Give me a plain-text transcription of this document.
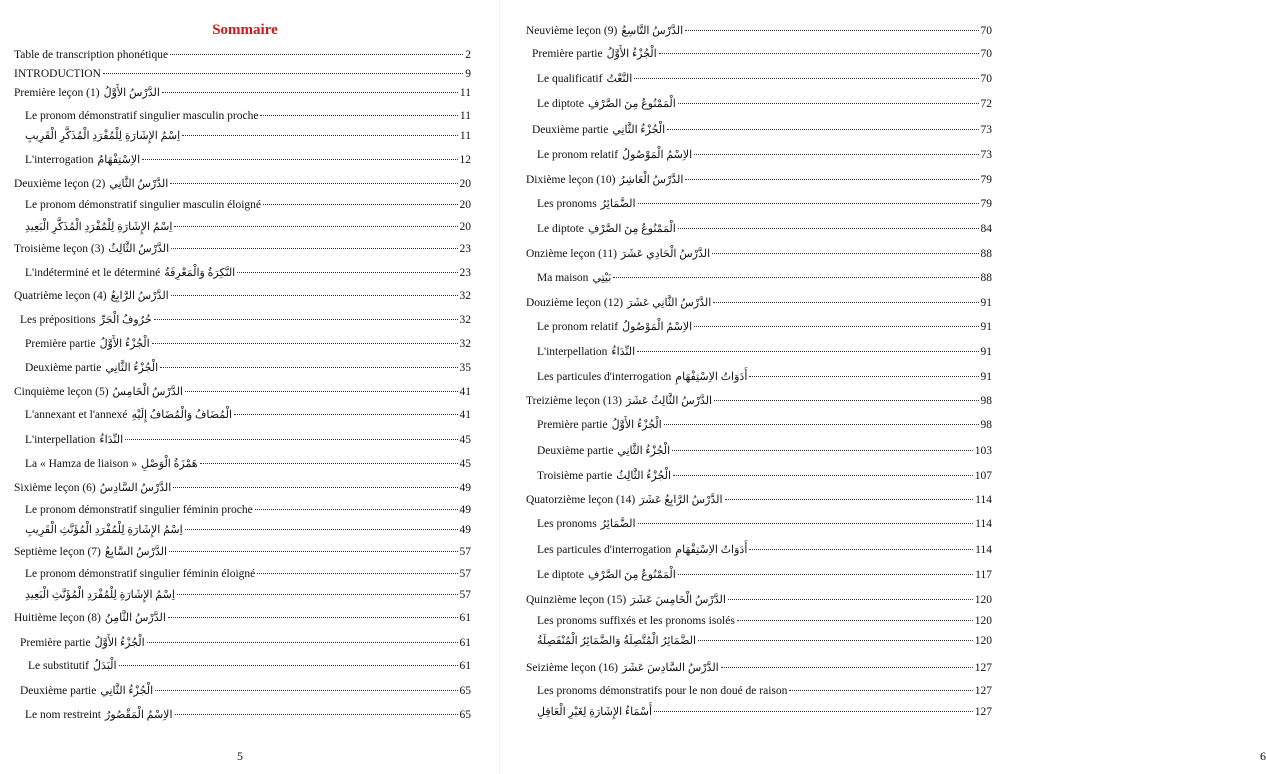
Sommaire
Table de transcription phonétique	2
INTRODUCTION	9
Première leçon (1) الدَّرْسُ الأَوَّلُ	11
Le pronom démonstratif singulier masculin proche	11
اِسْمُ الإِشَارَةِ لِلْمُفْرَدِ الْمُذَكَّرِ الْقَرِيبِ	11
L'interrogation الاِسْتِفْهَامُ	12
Deuxième leçon (2) الدَّرْسُ الثَّانِي	20
Le pronom démonstratif singulier masculin éloigné	20
اِسْمُ الإِشَارَةِ لِلْمُفْرَدِ الْمُذَكَّرِ الْبَعِيدِ	20
Troisième leçon (3) الدَّرْسُ الثَّالِثُ	23
L'indéterminé et le déterminé النَّكِرَةُ وَالْمَعْرِفَةُ	23
Quatrième leçon (4) الدَّرْسُ الرَّابِعُ	32
Les prépositions حُرُوفُ الْجَرِّ	32
Première partie الْجُزْءُ الأَوَّلُ	32
Deuxième partie الْجُزْءُ الثَّانِي	35
Cinquième leçon (5) الدَّرْسُ الْخَامِسُ	41
L'annexant et l'annexé الْمُضَافُ وَالْمُضَافُ إِلَيْهِ	41
L'interpellation النِّدَاءُ	45
La « Hamza de liaison » هَمْزَةُ الْوَصْلِ	45
Sixième leçon (6) الدَّرْسُ السَّادِسُ	49
Le pronom démonstratif singulier féminin proche	49
اِسْمُ الإِشَارَةِ لِلْمُفْرَدِ الْمُؤَنَّثِ الْقَرِيبِ	49
Septième leçon (7) الدَّرْسُ السَّابِعُ	57
Le pronom démonstratif singulier féminin éloigné	57
اِسْمُ الإِشَارَةِ لِلْمُفْرَدِ الْمُؤَنَّثِ الْبَعِيدِ	57
Huitième leçon (8) الدَّرْسُ الثَّامِنُ	61
Première partie الْجُزْءُ الأَوَّلُ	61
Le substitutif الْبَدَلُ	61
Deuxième partie الْجُزْءُ الثَّانِي	65
Le nom restreint الاِسْمُ الْمَقْصُورُ	65
5
Neuvième leçon (9) الدَّرْسُ التَّاسِعُ	70
Première partie الْجُزْءُ الأَوَّلُ	70
Le qualificatif النَّعْتُ	70
Le diptote الْمَمْنُوعُ مِنَ الصَّرْفِ	72
Deuxième partie الْجُزْءُ الثَّانِي	73
Le pronom relatif الاِسْمُ الْمَوْصُولُ	73
Dixième leçon (10) الدَّرْسُ الْعَاشِرُ	79
Les pronoms الضَّمَائِرُ	79
Le diptote الْمَمْنُوعُ مِنَ الصَّرْفِ	84
Onzième leçon (11) الدَّرْسُ الْحَادِي عَشَرَ	88
Ma maison بَيْتِي	88
Douzième leçon (12) الدَّرْسُ الثَّانِي عَشَرَ	91
Le pronom relatif الاِسْمُ الْمَوْصُولُ	91
L'interpellation النِّدَاءُ	91
Les particules d'interrogation أَدَوَاتُ الاِسْتِفْهَامِ	91
Treizième leçon (13) الدَّرْسُ الثَّالِثُ عَشَرَ	98
Première partie الْجُزْءُ الأَوَّلُ	98
Deuxième partie الْجُزْءُ الثَّانِي	103
Troisième partie الْجُزْءُ الثَّالِثُ	107
Quatorzième leçon (14) الدَّرْسُ الرَّابِعُ عَشَرَ	114
Les pronoms الضَّمَائِرُ	114
Les particules d'interrogation أَدَوَاتُ الاِسْتِفْهَامِ	114
Le diptote الْمَمْنُوعُ مِنَ الصَّرْفِ	117
Quinzième leçon (15) الدَّرْسُ الْخَامِسَ عَشَرَ	120
Les pronoms suffixés et les pronoms isolés	120
الضَّمَائِرُ الْمُتَّصِلَةُ وَالضَّمَائِرُ الْمُنْفَصِلَةُ	120
Seizième leçon (16) الدَّرْسُ السَّادِسَ عَشَرَ	127
Les pronoms démonstratifs pour le non doué de raison	127
أَسْمَاءُ الإِشَارَةِ لِغَيْرِ الْعَاقِلِ	127
6
